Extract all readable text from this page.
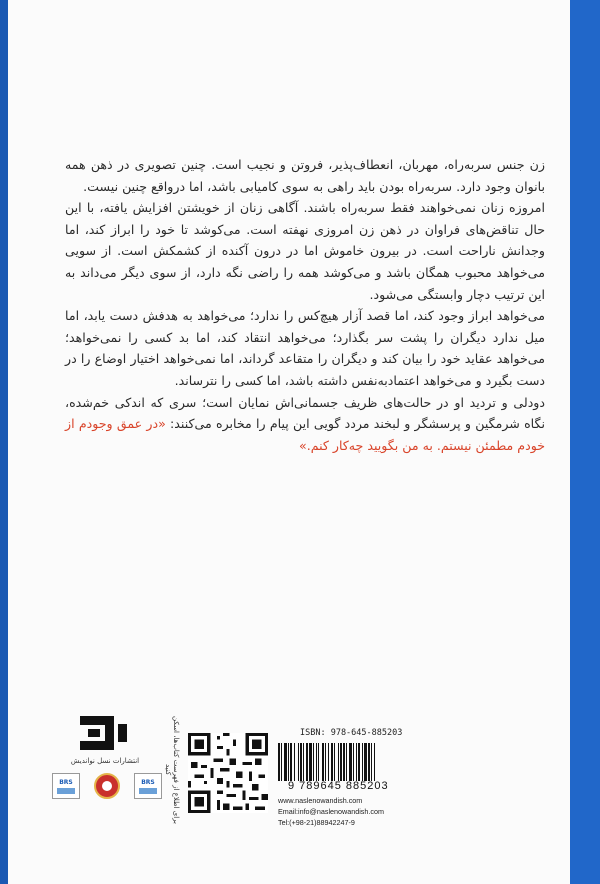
زن جنس سربه‌راه، مهربان، انعطاف‌پذیر، فروتن و نجیب است. چنین تصویری در ذهن همه بانوان وجود دارد. سربه‌راه بودن باید راهی به سوی کامیابی باشد، اما درواقع چنین نیست.

امروزه زنان نمی‌خواهند فقط سربه‌راه باشند. آگاهی زنان از خویشتن افزایش یافته، با این حال تناقض‌های فراوان در ذهن زن امروزی نهفته است. می‌کوشد تا خود را ابراز کند، اما وجدانش ناراحت است. در بیرون خاموش اما در درون آکنده از کشمکش است. از سویی می‌خواهد محبوب همگان باشد و می‌کوشد همه را راضی نگه دارد، از سوی دیگر می‌داند به این ترتیب دچار وابستگی می‌شود.

می‌خواهد ابراز وجود کند، اما قصد آزار هیچ‌کس را ندارد؛ می‌خواهد به هدفش دست یابد، اما میل ندارد دیگران را پشت سر بگذارد؛ می‌خواهد انتقاد کند، اما بد کسی را نمی‌خواهد؛ می‌خواهد عقاید خود را بیان کند و دیگران را متقاعد گرداند، اما نمی‌خواهد اختیار اوضاع را در دست بگیرد و می‌خواهد اعتمادبه‌نفس داشته باشد، اما کسی را نترساند.

دودلی و تردید او در حالت‌های ظریف جسمانی‌اش نمایان است؛ سری که اندکی خم‌شده، نگاه شرمگین و پرسشگر و لبخند مردد گویی این پیام را مخابره می‌کنند: «در عمق وجودم از خودم مطمئن نیستم. به من بگویید چه‌کار کنم.»

انتشارات نسل نواندیش
BRS	BRS	برای اطلاع از فهرست کتاب‌ها، اسکن کنید
ISBN: 978-645-885203
9 789645 885203
www.naslenowandish.com
Email:info@naslenowandish.com
Tel:(+98-21)88942247-9
